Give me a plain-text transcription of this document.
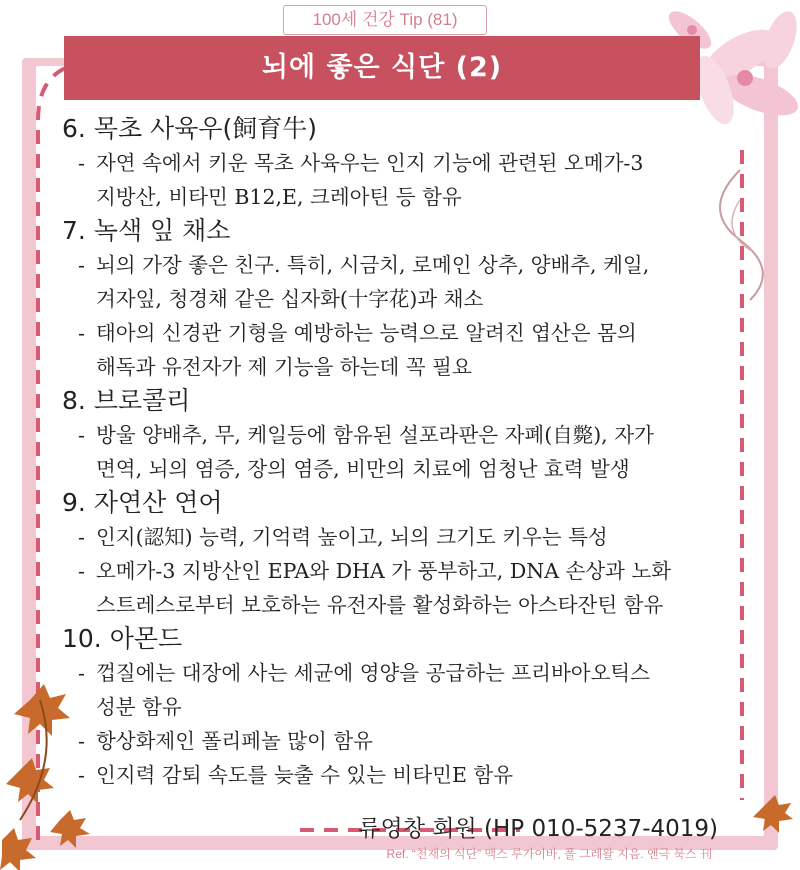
100세 건강 Tip (81)
뇌에 좋은 식단 (2)
6. 목초 사육우(飼育牛)
- 자연 속에서 키운 목초 사육우는 인지 기능에 관련된 오메가-3
지방산, 비타민 B12,E, 크레아틴 등 함유
7. 녹색 잎 채소
- 뇌의 가장 좋은 친구. 특히, 시금치, 로메인 상추, 양배추, 케일,
겨자잎, 청경채 같은 십자화(十字花)과 채소
- 태아의 신경관 기형을 예방하는 능력으로 알려진 엽산은 몸의
해독과 유전자가 제 기능을 하는데 꼭 필요
8. 브로콜리
- 방울 양배추, 무, 케일등에 함유된 설포라판은 자폐(自斃), 자가
면역, 뇌의 염증, 장의 염증, 비만의 치료에 엄청난 효력 발생
9. 자연산 연어
- 인지(認知) 능력, 기억력 높이고, 뇌의 크기도 키우는 특성
- 오메가-3 지방산인 EPA와 DHA 가 풍부하고, DNA 손상과 노화
스트레스로부터 보호하는 유전자를 활성화하는 아스타잔틴 함유
10. 아몬드
- 껍질에는 대장에 사는 세균에 영양을 공급하는 프리바아오틱스
성분 함유
- 항상화제인 폴리페놀 많이 함유
- 인지력 감퇴 속도를 늦출 수 있는 비타민E 함유
류영창 회원 (HP 010-5237-4019)
Ref. “천재의 식단” 맥스 루가이바, 폴 그레왈 지음. 앤극 북스 刊
